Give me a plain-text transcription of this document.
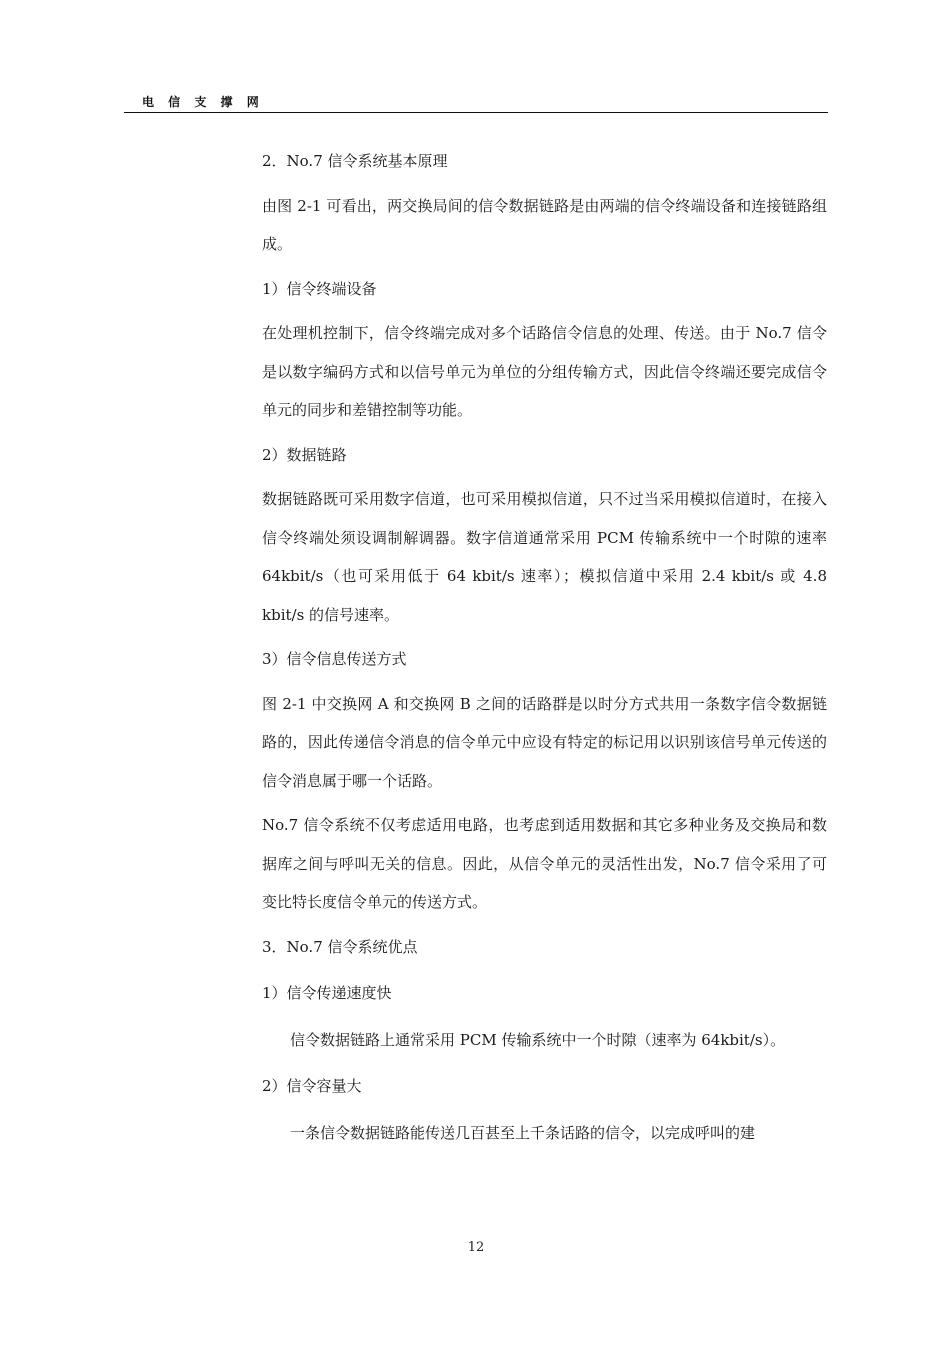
电 信 支 撑 网

2．No.7 信令系统基本原理

由图 2-1 可看出，两交换局间的信令数据链路是由两端的信令终端设备和连接链路组成。

1）信令终端设备

在处理机控制下，信令终端完成对多个话路信令信息的处理、传送。由于 No.7 信令是以数字编码方式和以信号单元为单位的分组传输方式，因此信令终端还要完成信令单元的同步和差错控制等功能。

2）数据链路

数据链路既可采用数字信道，也可采用模拟信道，只不过当采用模拟信道时，在接入信令终端处须设调制解调器。数字信道通常采用 PCM 传输系统中一个时隙的速率 64kbit/s（也可采用低于 64 kbit/s 速率）；模拟信道中采用 2.4 kbit/s 或 4.8 kbit/s 的信号速率。

3）信令信息传送方式

图 2-1 中交换网 A 和交换网 B 之间的话路群是以时分方式共用一条数字信令数据链路的，因此传递信令消息的信令单元中应设有特定的标记用以识别该信号单元传送的信令消息属于哪一个话路。

No.7 信令系统不仅考虑适用电路，也考虑到适用数据和其它多种业务及交换局和数据库之间与呼叫无关的信息。因此，从信令单元的灵活性出发，No.7 信令采用了可变比特长度信令单元的传送方式。

3．No.7 信令系统优点

1）信令传递速度快

信令数据链路上通常采用 PCM 传输系统中一个时隙（速率为 64kbit/s）。

2）信令容量大

一条信令数据链路能传送几百甚至上千条话路的信令，以完成呼叫的建

12
